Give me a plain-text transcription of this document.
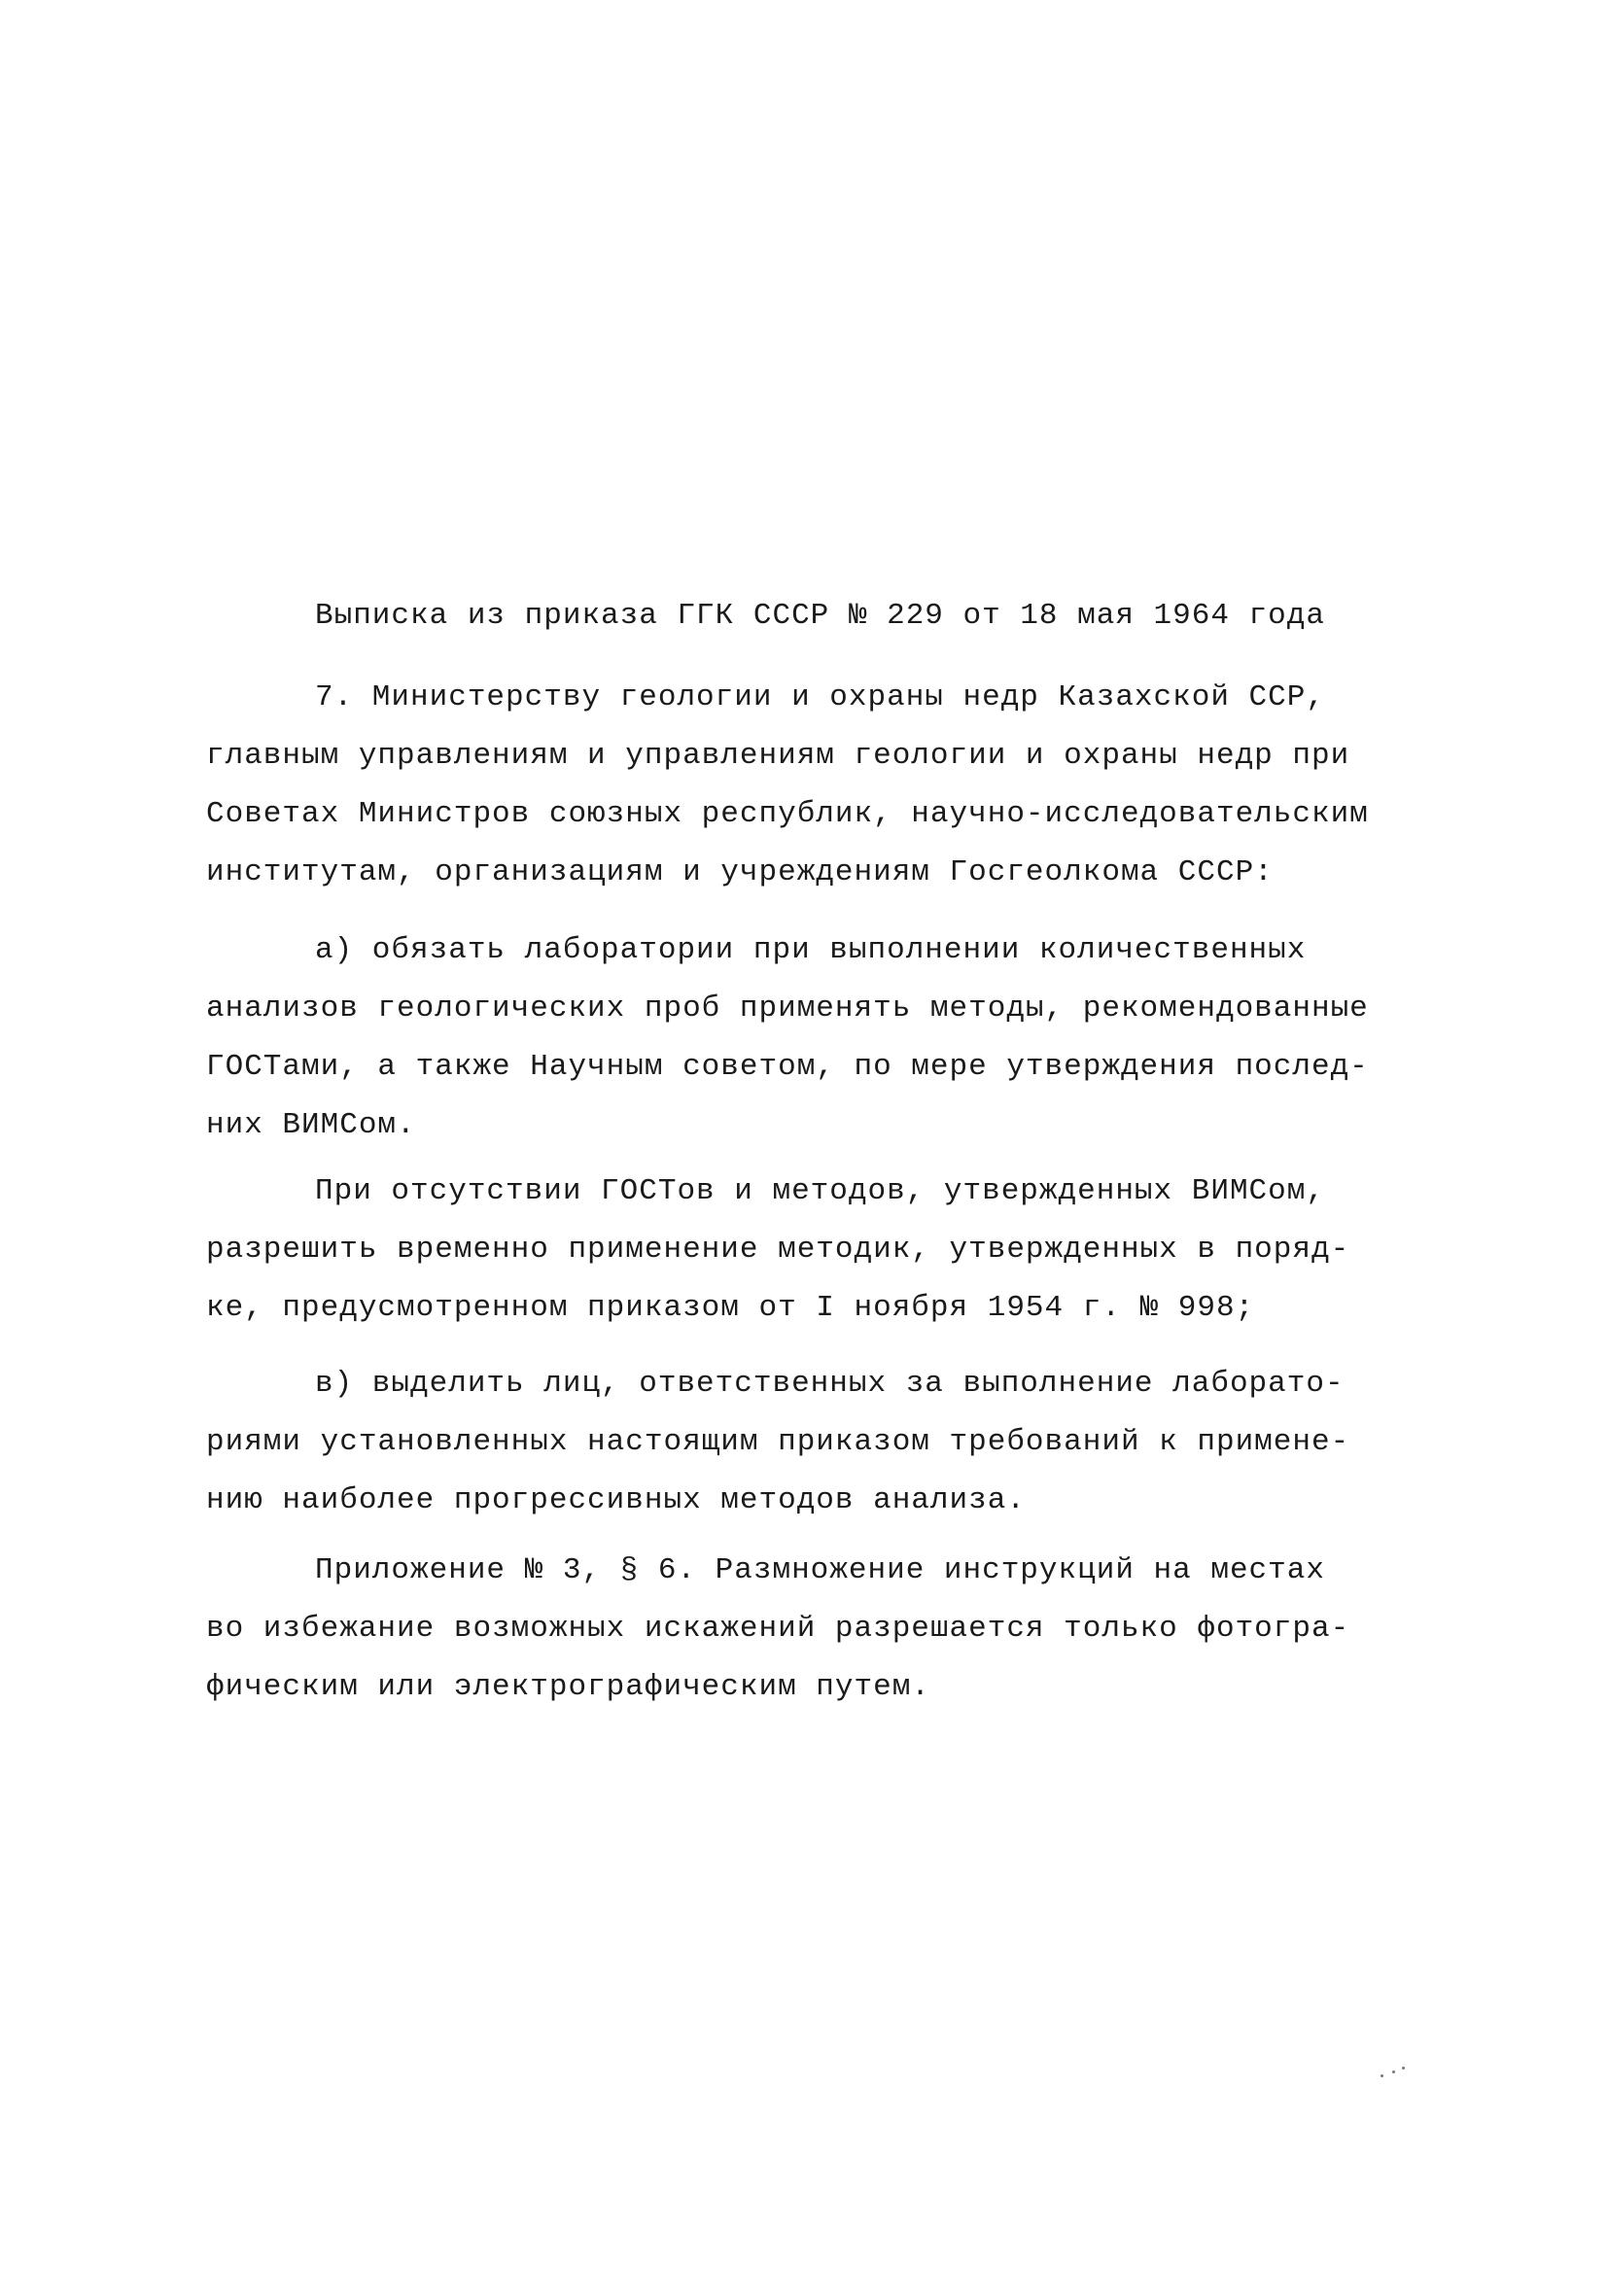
Выписка из приказа ГГК СССР № 229 от 18 мая 1964 года

7. Министерству геологии и охраны недр Казахской ССР,

главным управлениям и управлениям геологии и охраны недр при

Советах Министров союзных республик, научно-исследовательским

институтам, организациям и учреждениям Госгеолкома СССР:

а) обязать лаборатории при выполнении количественных

анализов геологических проб применять методы, рекомендованные

ГОСТами, а также Научным советом, по мере утверждения послед-

них ВИМСом.

При отсутствии ГОСТов и методов, утвержденных ВИМСом,

разрешить временно применение методик, утвержденных в поряд-

ке, предусмотренном приказом от I ноября 1954 г. № 998;

в) выделить лиц, ответственных за выполнение лаборато-

риями установленных настоящим приказом требований к примене-

нию наиболее прогрессивных методов анализа.

Приложение № 3, § 6. Размножение инструкций на местах

во избежание возможных искажений разрешается только фотогра-

фическим или электрографическим путем.
